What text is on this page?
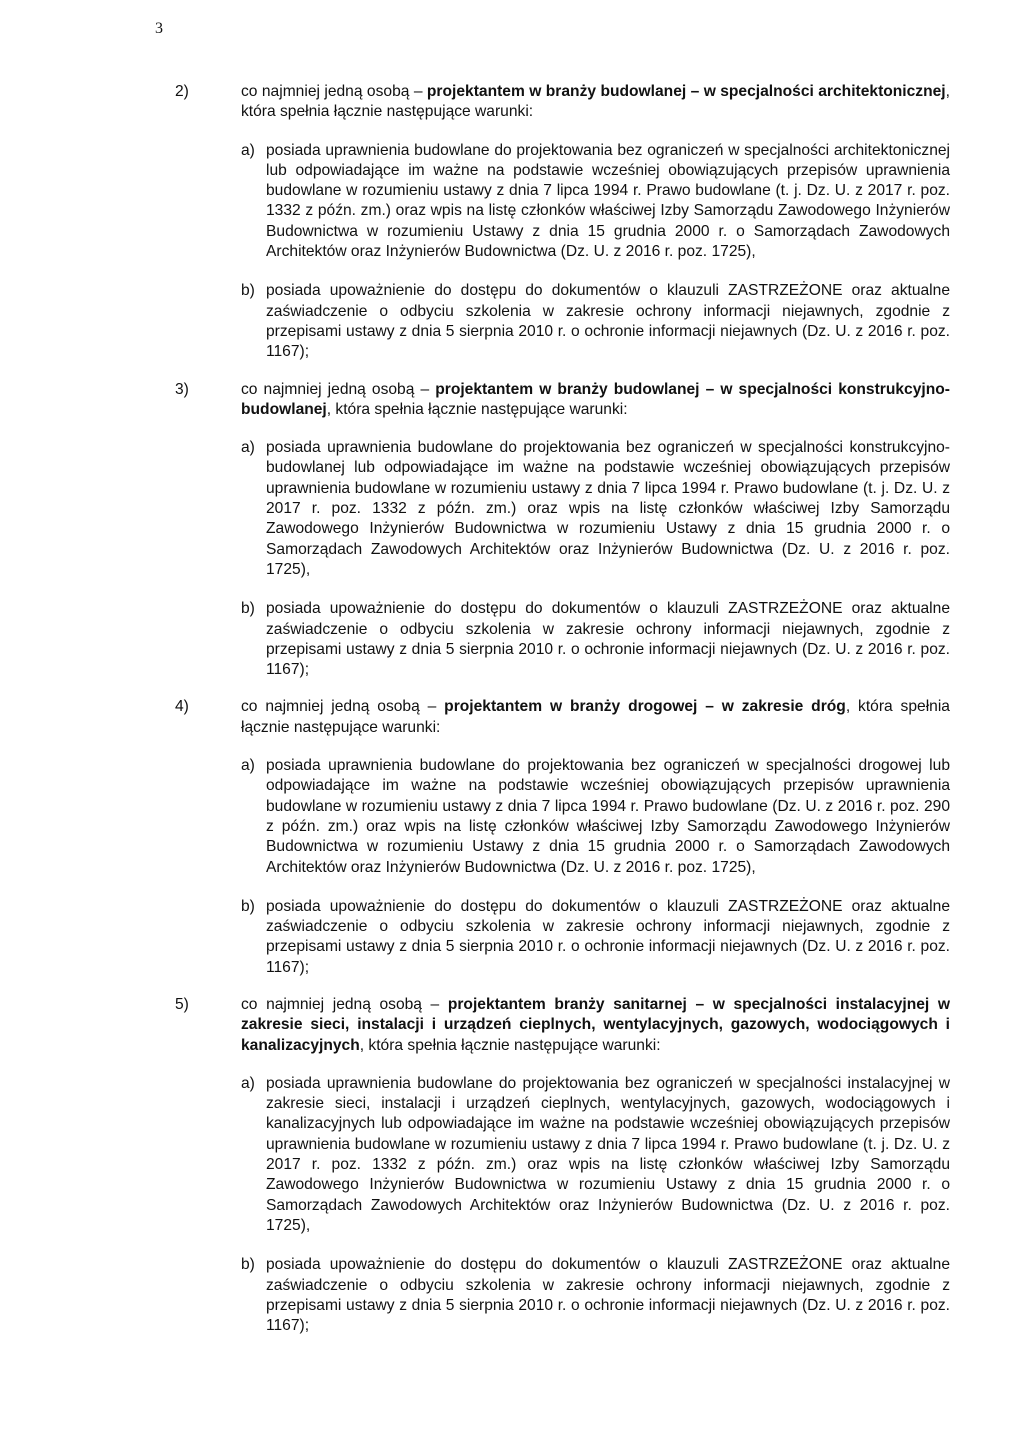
3
2)	co najmniej jedną osobą – projektantem w branży budowlanej – w specjalności architektonicznej, która spełnia łącznie następujące warunki:
a) posiada uprawnienia budowlane do projektowania bez ograniczeń w specjalności architektonicznej lub odpowiadające im ważne na podstawie wcześniej obowiązujących przepisów uprawnienia budowlane w rozumieniu ustawy z dnia 7 lipca 1994 r. Prawo budowlane (t. j. Dz. U. z 2017 r. poz. 1332 z późn. zm.) oraz wpis na listę członków właściwej Izby Samorządu Zawodowego Inżynierów Budownictwa w rozumieniu Ustawy z dnia 15 grudnia 2000 r. o Samorządach Zawodowych Architektów oraz Inżynierów Budownictwa (Dz. U. z 2016 r. poz. 1725),
b) posiada upoważnienie do dostępu do dokumentów o klauzuli ZASTRZEŻONE oraz aktualne zaświadczenie o odbyciu szkolenia w zakresie ochrony informacji niejawnych, zgodnie z przepisami ustawy z dnia 5 sierpnia 2010 r. o ochronie informacji niejawnych (Dz. U. z 2016 r. poz. 1167);
3)	co najmniej jedną osobą – projektantem w branży budowlanej – w specjalności konstrukcyjno-budowlanej, która spełnia łącznie następujące warunki:
a) posiada uprawnienia budowlane do projektowania bez ograniczeń w specjalności konstrukcyjno-budowlanej lub odpowiadające im ważne na podstawie wcześniej obowiązujących przepisów uprawnienia budowlane w rozumieniu ustawy z dnia 7 lipca 1994 r. Prawo budowlane (t. j. Dz. U. z 2017 r. poz. 1332 z późn. zm.) oraz wpis na listę członków właściwej Izby Samorządu Zawodowego Inżynierów Budownictwa w rozumieniu Ustawy z dnia 15 grudnia 2000 r. o Samorządach Zawodowych Architektów oraz Inżynierów Budownictwa (Dz. U. z 2016 r. poz. 1725),
b) posiada upoważnienie do dostępu do dokumentów o klauzuli ZASTRZEŻONE oraz aktualne zaświadczenie o odbyciu szkolenia w zakresie ochrony informacji niejawnych, zgodnie z przepisami ustawy z dnia 5 sierpnia 2010 r. o ochronie informacji niejawnych (Dz. U. z 2016 r. poz. 1167);
4)	co najmniej jedną osobą – projektantem w branży drogowej – w zakresie dróg, która spełnia łącznie następujące warunki:
a) posiada uprawnienia budowlane do projektowania bez ograniczeń w specjalności drogowej lub odpowiadające im ważne na podstawie wcześniej obowiązujących przepisów uprawnienia budowlane w rozumieniu ustawy z dnia 7 lipca 1994 r. Prawo budowlane (Dz. U. z 2016 r. poz. 290 z późn. zm.) oraz wpis na listę członków właściwej Izby Samorządu Zawodowego Inżynierów Budownictwa w rozumieniu Ustawy z dnia 15 grudnia 2000 r. o Samorządach Zawodowych Architektów oraz Inżynierów Budownictwa (Dz. U. z 2016 r. poz. 1725),
b) posiada upoważnienie do dostępu do dokumentów o klauzuli ZASTRZEŻONE oraz aktualne zaświadczenie o odbyciu szkolenia w zakresie ochrony informacji niejawnych, zgodnie z przepisami ustawy z dnia 5 sierpnia 2010 r. o ochronie informacji niejawnych (Dz. U. z 2016 r. poz. 1167);
5)	co najmniej jedną osobą – projektantem branży sanitarnej – w specjalności instalacyjnej w zakresie sieci, instalacji i urządzeń cieplnych, wentylacyjnych, gazowych, wodociągowych i kanalizacyjnych, która spełnia łącznie następujące warunki:
a) posiada uprawnienia budowlane do projektowania bez ograniczeń w specjalności instalacyjnej w zakresie sieci, instalacji i urządzeń cieplnych, wentylacyjnych, gazowych, wodociągowych i kanalizacyjnych lub odpowiadające im ważne na podstawie wcześniej obowiązujących przepisów uprawnienia budowlane w rozumieniu ustawy z dnia 7 lipca 1994 r. Prawo budowlane (t. j. Dz. U. z 2017 r. poz. 1332 z późn. zm.) oraz wpis na listę członków właściwej Izby Samorządu Zawodowego Inżynierów Budownictwa w rozumieniu Ustawy z dnia 15 grudnia 2000 r. o Samorządach Zawodowych Architektów oraz Inżynierów Budownictwa (Dz. U. z 2016 r. poz. 1725),
b) posiada upoważnienie do dostępu do dokumentów o klauzuli ZASTRZEŻONE oraz aktualne zaświadczenie o odbyciu szkolenia w zakresie ochrony informacji niejawnych, zgodnie z przepisami ustawy z dnia 5 sierpnia 2010 r. o ochronie informacji niejawnych (Dz. U. z 2016 r. poz. 1167);
